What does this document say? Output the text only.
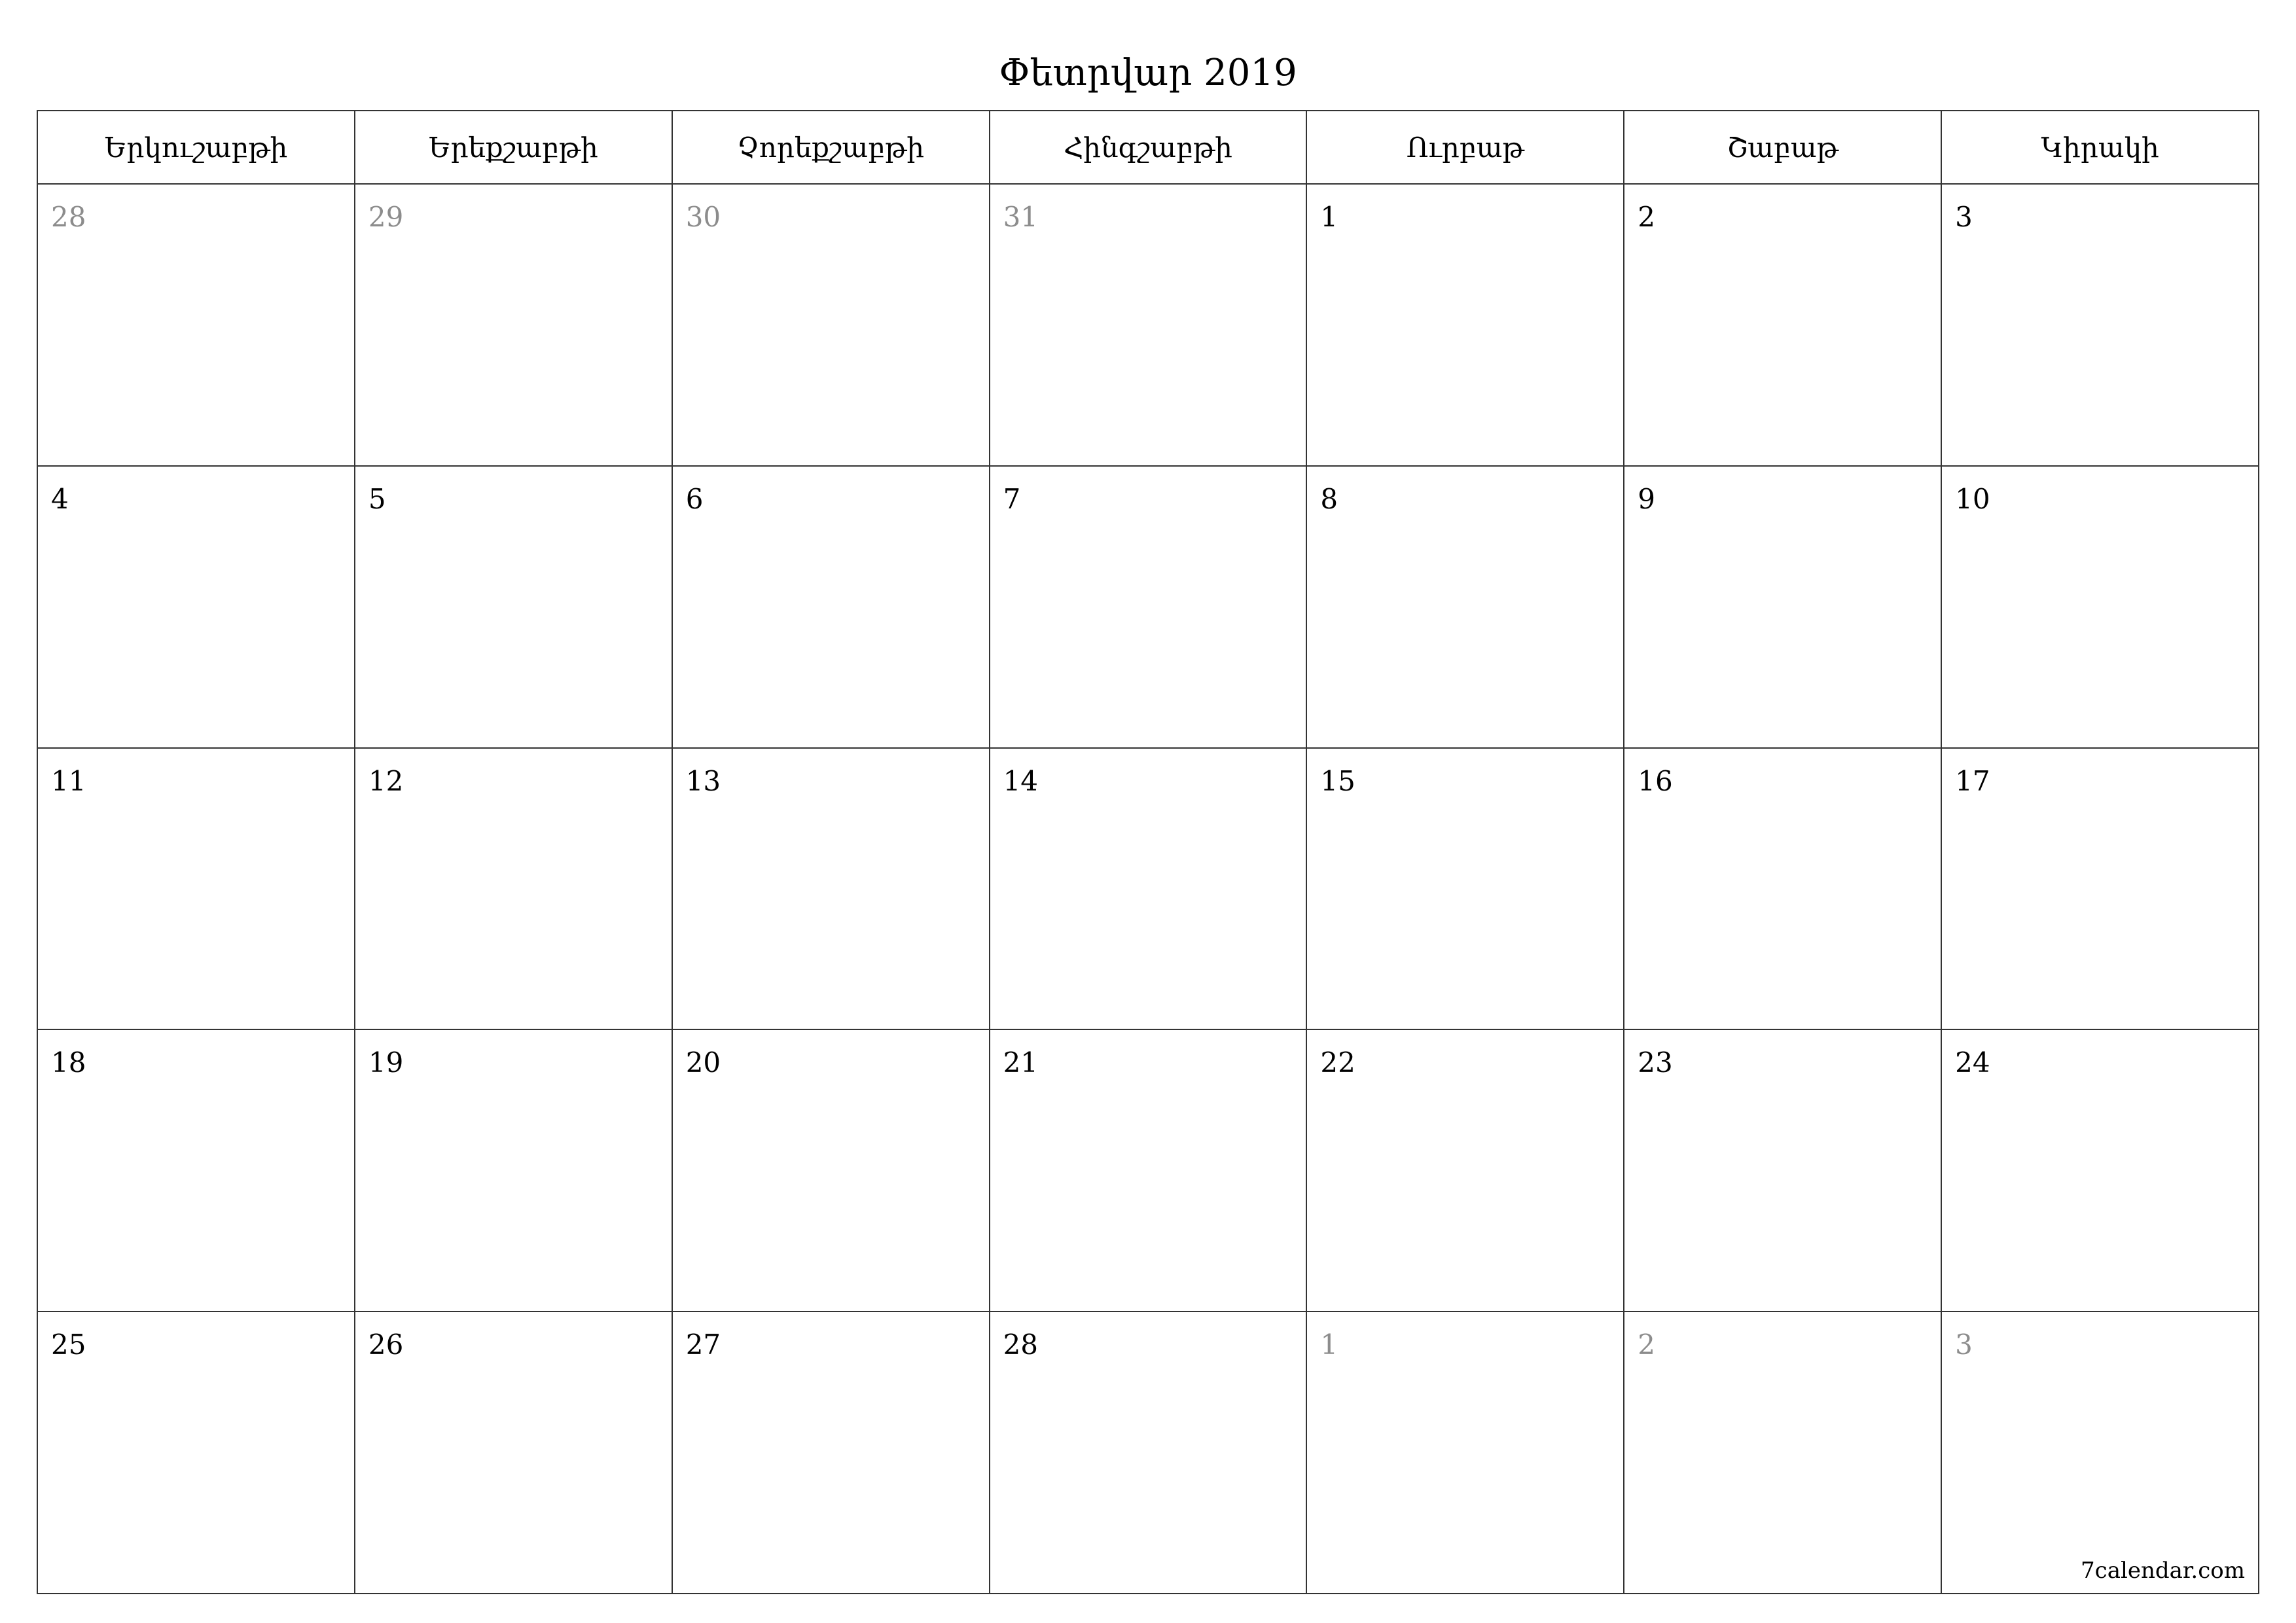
Փետրվար 2019
Երկուշաբթի	Երեքշաբթի	Չորեքշաբթի	Հինգշաբթի	Ուրբաթ	Շաբաթ	Կիրակի
28	29	30	31	1	2	3
4	5	6	7	8	9	10
11	12	13	14	15	16	17
18	19	20	21	22	23	24
25	26	27	28	1	2	3
7calendar.com
